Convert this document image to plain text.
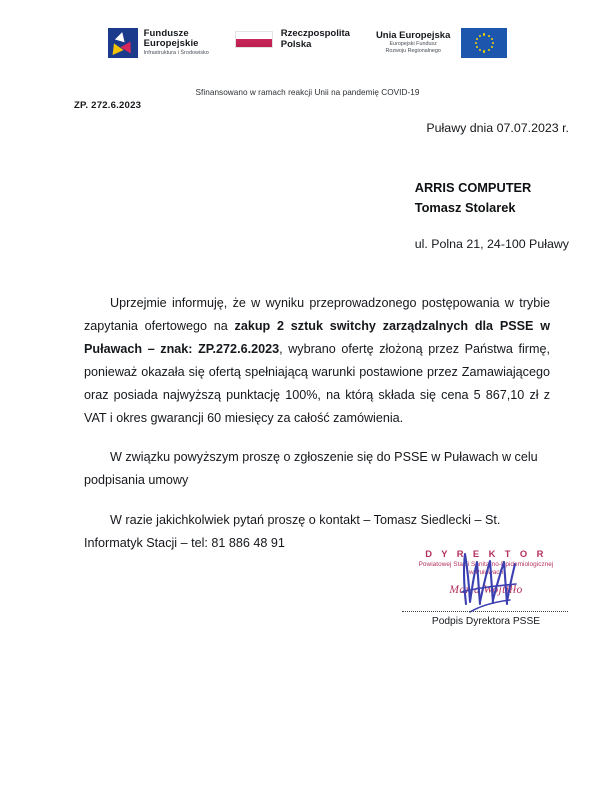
Fundusze
Europejskie
Infrastruktura i Środowisko
Rzeczpospolita
Polska
Unia Europejska
Europejski Fundusz
Rozwoju Regionalnego
Sfinansowano w ramach reakcji Unii na pandemię COVID-19
ZP. 272.6.2023
Puławy dnia 07.07.2023 r.
ARRIS COMPUTER
Tomasz Stolarek
ul. Polna 21, 24-100 Puławy

Uprzejmie informuję, że w wyniku przeprowadzonego postępowania w trybie zapytania ofertowego na zakup 2 sztuk switchy zarządzalnych dla PSSE w Puławach – znak: ZP.272.6.2023, wybrano ofertę złożoną przez Państwa firmę, ponieważ okazała się ofertą spełniającą warunki postawione przez Zamawiającego oraz posiada najwyższą punktację 100%, na którą składa się cena 5 867,10 zł z VAT i okres gwarancji 60 miesięcy za całość zamówienia.

W związku powyższym proszę o zgłoszenie się do PSSE w Puławach w celu podpisania umowy

W razie jakichkolwiek pytań proszę o kontakt – Tomasz Siedlecki – St. Informatyk Stacji – tel: 81 886 48 91

D Y R E K T O R
Powiatowej Stacji Sanitarno-Epidemiologicznej
w Puławach
Maria Wojtiłło
Podpis Dyrektora PSSE
